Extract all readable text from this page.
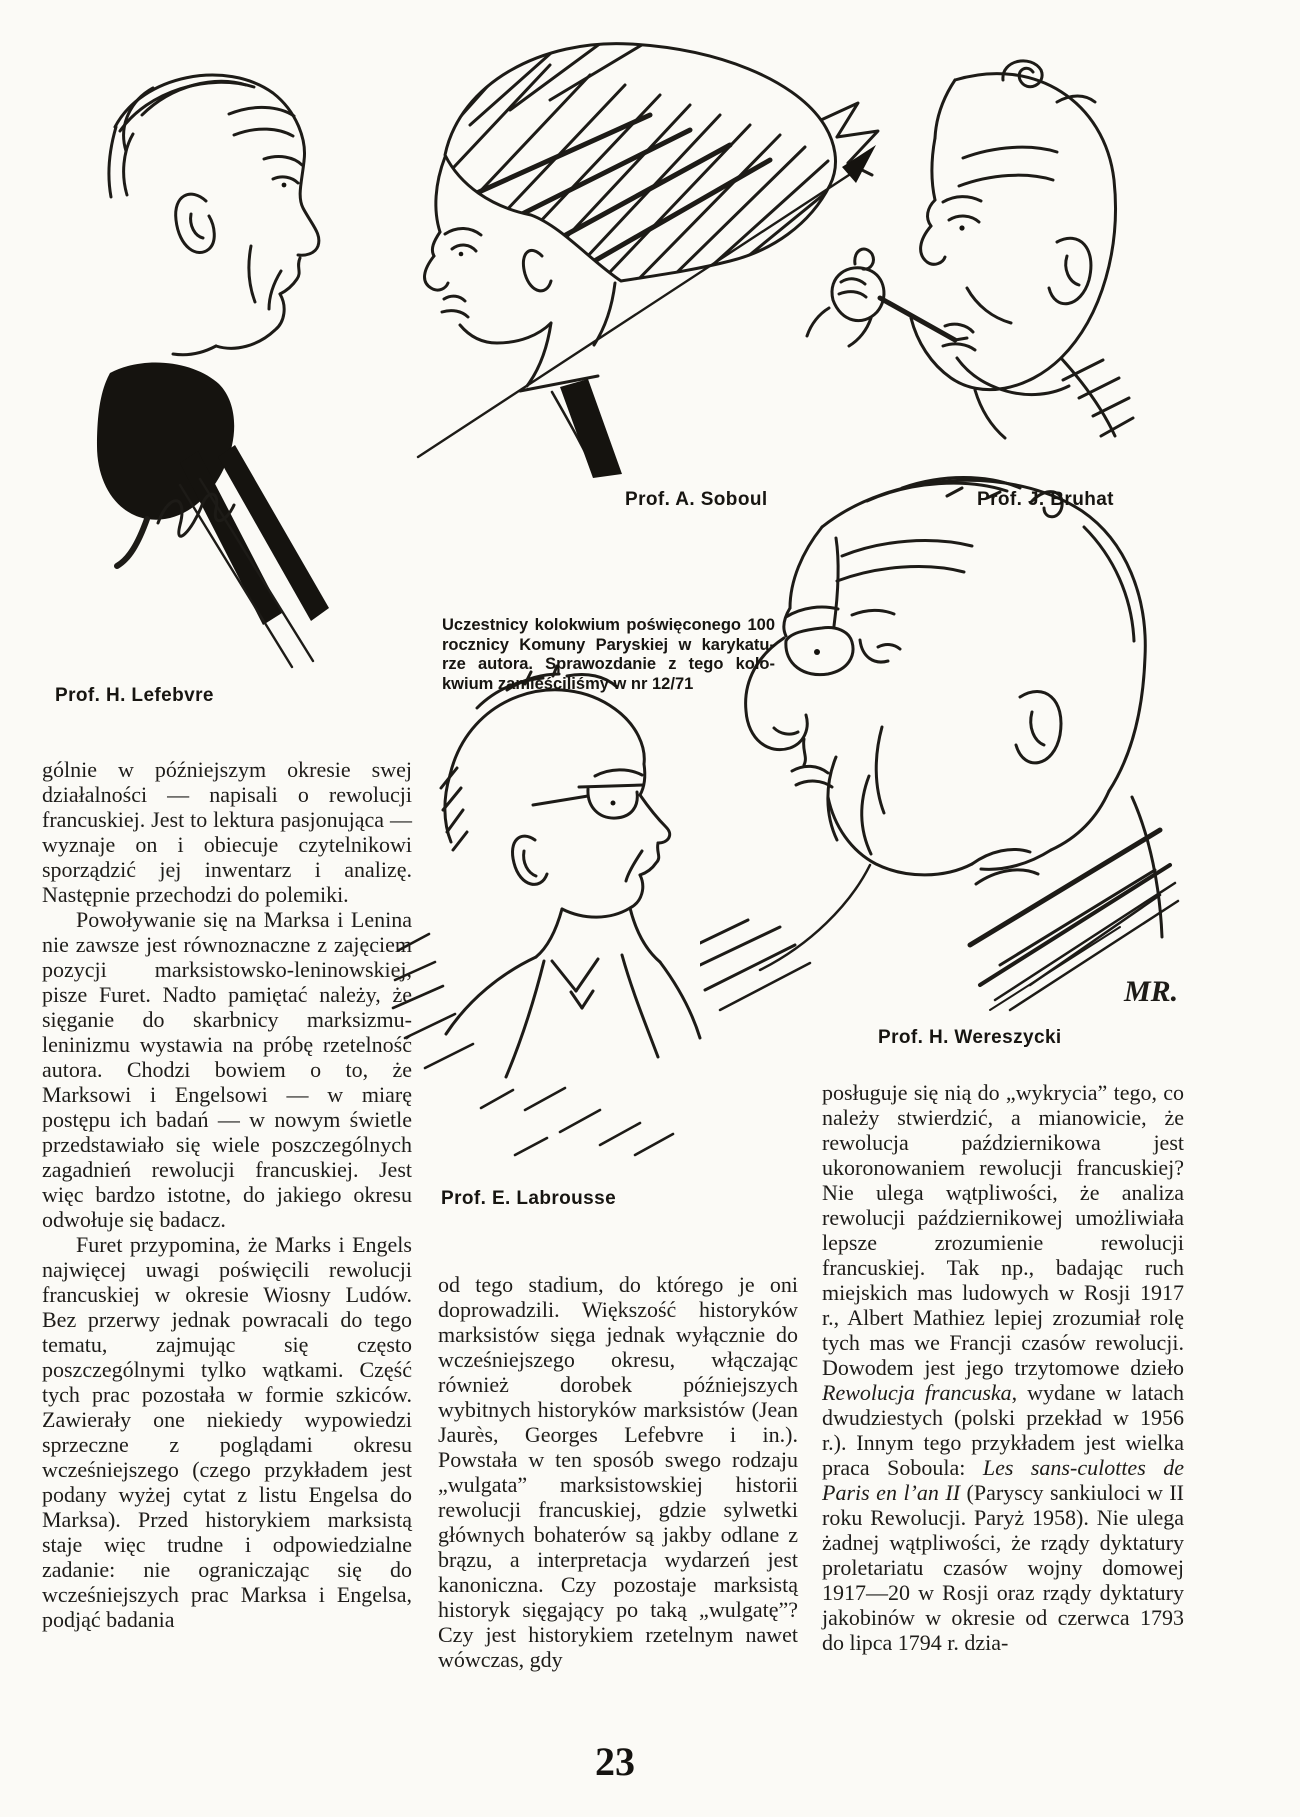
MR.
Prof. H. Lefebvre
Prof. A. Soboul	Prof. J. Bruhat
Prof. E. Labrousse
Prof. H. Wereszycki
Uczestnicy kolokwium poświęconego 100
rocznicy Komuny Paryskiej w karykatu-
rze autora. Sprawozdanie z tego kolo-
kwium zamieściliśmy w nr 12/71

gólnie w późniejszym okresie swej działalności — napisali o rewolucji francuskiej. Jest to lektura pasjonująca — wyznaje on i obiecuje czytelnikowi sporządzić jej inwentarz i analizę. Następnie przechodzi do polemiki.

Powoływanie się na Marksa i Lenina nie zawsze jest równoznaczne z zajęciem pozycji marksistowsko-leninowskiej, pisze Furet. Nadto pamiętać należy, że sięganie do skarbnicy marksizmu-leninizmu wystawia na próbę rzetelność autora. Chodzi bowiem o to, że Marksowi i Engelsowi — w miarę postępu ich badań — w nowym świetle przedstawiało się wiele poszczególnych zagadnień rewolucji francuskiej. Jest więc bardzo istotne, do jakiego okresu odwołuje się badacz.

Furet przypomina, że Marks i Engels najwięcej uwagi poświęcili rewolucji francuskiej w okresie Wiosny Ludów. Bez przerwy jednak powracali do tego tematu, zajmując się często poszczególnymi tylko wątkami. Część tych prac pozostała w formie szkiców. Zawierały one niekiedy wypowiedzi sprzeczne z poglądami okresu wcześniejszego (czego przykładem jest podany wyżej cytat z listu Engelsa do Marksa). Przed historykiem marksistą staje więc trudne i odpowiedzialne zadanie: nie ograniczając się do wcześniejszych prac Marksa i Engelsa, podjąć badania

od tego stadium, do którego je oni doprowadzili. Większość historyków marksistów sięga jednak wyłącznie do wcześniejszego okresu, włączając również dorobek późniejszych wybitnych historyków marksistów (Jean Jaurès, Georges Lefebvre i in.). Powstała w ten sposób swego rodzaju „wulgata” marksistowskiej historii rewolucji francuskiej, gdzie sylwetki głównych bohaterów są jakby odlane z brązu, a interpretacja wydarzeń jest kanoniczna. Czy pozostaje marksistą historyk sięgający po taką „wulgatę”? Czy jest historykiem rzetelnym nawet wówczas, gdy

posługuje się nią do „wykrycia” tego, co należy stwierdzić, a mianowicie, że rewolucja październikowa jest ukoronowaniem rewolucji francuskiej? Nie ulega wątpliwości, że analiza rewolucji październikowej umożliwiała lepsze zrozumienie rewolucji francuskiej. Tak np., badając ruch miejskich mas ludowych w Rosji 1917 r., Albert Mathiez lepiej zrozumiał rolę tych mas we Francji czasów rewolucji. Dowodem jest jego trzytomowe dzieło Rewolucja francuska, wydane w latach dwudziestych (polski przekład w 1956 r.). Innym tego przykładem jest wielka praca Soboula: Les sans-culottes de Paris en l’an II (Paryscy sankiuloci w II roku Rewolucji. Paryż 1958). Nie ulega żadnej wątpliwości, że rządy dyktatury proletariatu czasów wojny domowej 1917—20 w Rosji oraz rządy dyktatury jakobinów w okresie od czerwca 1793 do lipca 1794 r. dzia-

23
